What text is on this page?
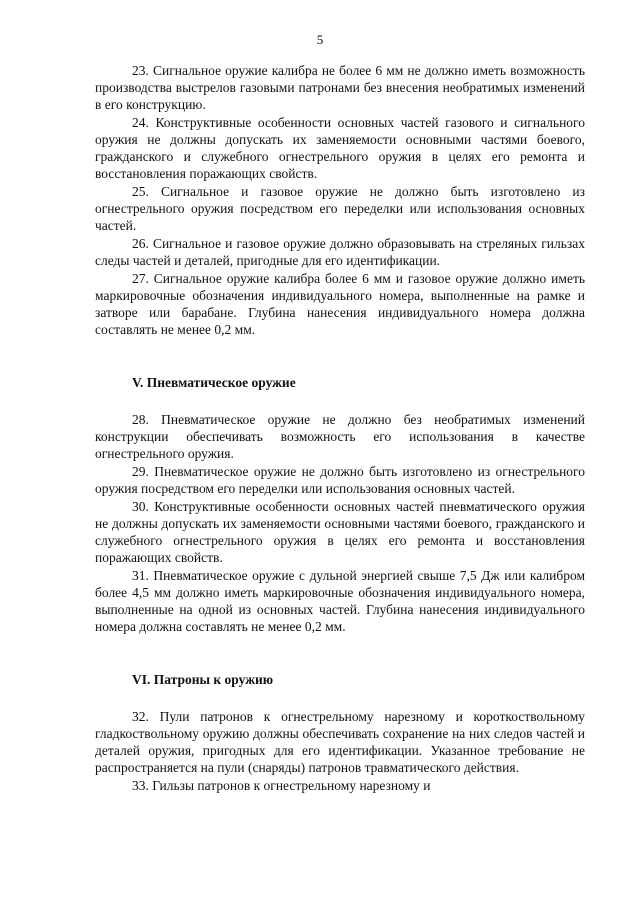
5

23. Сигнальное оружие калибра не более 6 мм не должно иметь возможность производства выстрелов газовыми патронами без внесения необратимых изменений в его конструкцию.

24. Конструктивные особенности основных частей газового и сигнального оружия не должны допускать их заменяемости основными частями боевого, гражданского и служебного огнестрельного оружия в целях его ремонта и восстановления поражающих свойств.

25. Сигнальное и газовое оружие не должно быть изготовлено из огнестрельного оружия посредством его переделки или использования основных частей.

26. Сигнальное и газовое оружие должно образовывать на стреляных гильзах следы частей и деталей, пригодные для его идентификации.

27. Сигнальное оружие калибра более 6 мм и газовое оружие должно иметь маркировочные обозначения индивидуального номера, выполненные на рамке и затворе или барабане. Глубина нанесения индивидуального номера должна составлять не менее 0,2 мм.

V. Пневматическое оружие

28. Пневматическое оружие не должно без необратимых изменений конструкции обеспечивать возможность его использования в качестве огнестрельного оружия.

29. Пневматическое оружие не должно быть изготовлено из огнестрельного оружия посредством его переделки или использования основных частей.

30. Конструктивные особенности основных частей пневматического оружия не должны допускать их заменяемости основными частями боевого, гражданского и служебного огнестрельного оружия в целях его ремонта и восстановления поражающих свойств.

31. Пневматическое оружие с дульной энергией свыше 7,5 Дж или калибром более 4,5 мм должно иметь маркировочные обозначения индивидуального номера, выполненные на одной из основных частей. Глубина нанесения индивидуального номера должна составлять не менее 0,2 мм.

VI. Патроны к оружию

32. Пули патронов к огнестрельному нарезному и короткоствольному гладкоствольному оружию должны обеспечивать сохранение на них следов частей и деталей оружия, пригодных для его идентификации. Указанное требование не распространяется на пули (снаряды) патронов травматического действия.

33. Гильзы патронов к огнестрельному нарезному и
